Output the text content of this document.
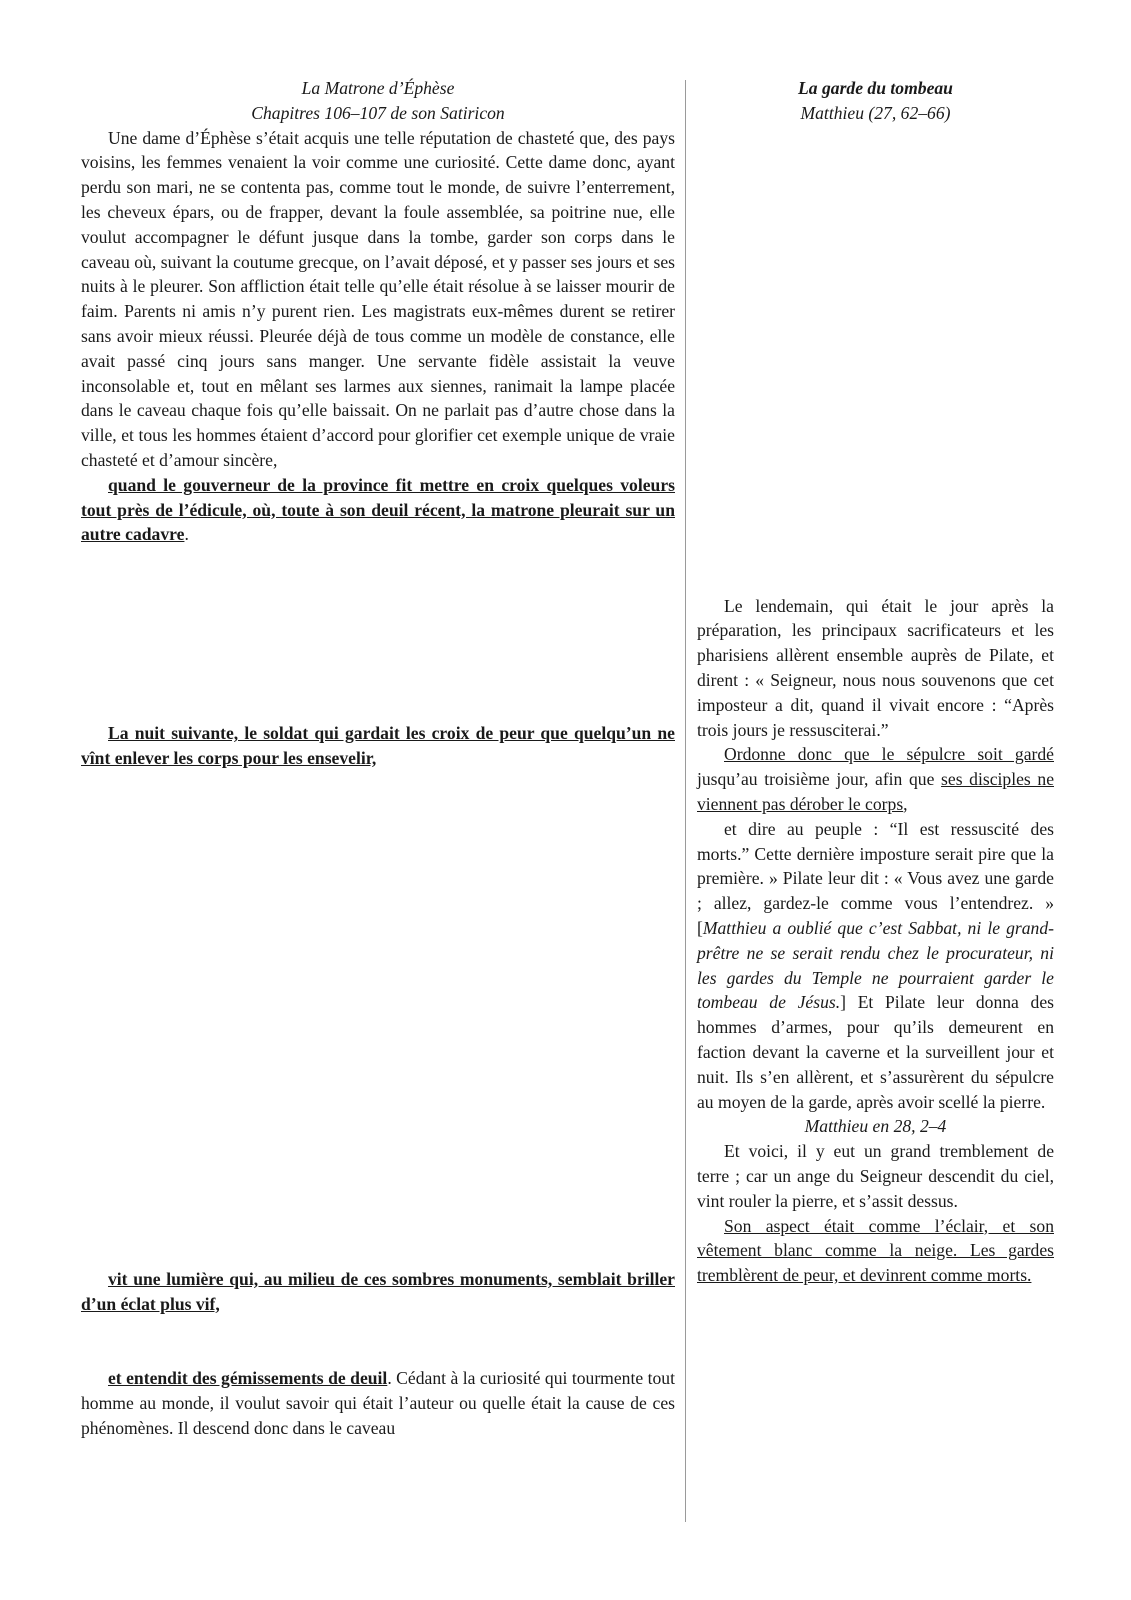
La Matrone d’Éphèse

Chapitres 106–107 de son Satiricon

Une dame d’Éphèse s’était acquis une telle réputation de chasteté que, des pays voisins, les femmes venaient la voir comme une curiosité. Cette dame donc, ayant perdu son mari, ne se contenta pas, comme tout le monde, de suivre l’enterrement, les cheveux épars, ou de frapper, devant la foule assemblée, sa poitrine nue, elle voulut accompagner le défunt jusque dans la tombe, garder son corps dans le caveau où, suivant la coutume grecque, on l’avait déposé, et y passer ses jours et ses nuits à le pleurer. Son affliction était telle qu’elle était résolue à se laisser mourir de faim. Parents ni amis n’y purent rien. Les magistrats eux-mêmes durent se retirer sans avoir mieux réussi. Pleurée déjà de tous comme un modèle de constance, elle avait passé cinq jours sans manger. Une servante fidèle assistait la veuve inconsolable et, tout en mêlant ses larmes aux siennes, ranimait la lampe placée dans le caveau chaque fois qu’elle baissait. On ne parlait pas d’autre chose dans la ville, et tous les hommes étaient d’accord pour glorifier cet exemple unique de vraie chasteté et d’amour sincère,

quand le gouverneur de la province fit mettre en croix quelques voleurs tout près de l’édicule, où, toute à son deuil récent, la matrone pleurait sur un autre cadavre.

La nuit suivante, le soldat qui gardait les croix de peur que quelqu’un ne vînt enlever les corps pour les ensevelir,

vit une lumière qui, au milieu de ces sombres monuments, semblait briller d’un éclat plus vif,

et entendit des gémissements de deuil. Cédant à la curiosité qui tourmente tout homme au monde, il voulut savoir qui était l’auteur ou quelle était la cause de ces phénomènes. Il descend donc dans le caveau

La garde du tombeau

Matthieu (27, 62–66)

Le lendemain, qui était le jour après la préparation, les principaux sacrificateurs et les pharisiens allèrent ensemble auprès de Pilate, et dirent : « Seigneur, nous nous souvenons que cet imposteur a dit, quand il vivait encore : “Après trois jours je ressusciterai.”

Ordonne donc que le sépulcre soit gardé jusqu’au troisième jour, afin que ses disciples ne viennent pas dérober le corps,

et dire au peuple : “Il est ressuscité des morts.” Cette dernière imposture serait pire que la première. » Pilate leur dit : « Vous avez une garde ; allez, gardez-le comme vous l’entendrez. » [Matthieu a oublié que c’est Sabbat, ni le grand-prêtre ne se serait rendu chez le procurateur, ni les gardes du Temple ne pourraient garder le tombeau de Jésus.] Et Pilate leur donna des hommes d’armes, pour qu’ils demeurent en faction devant la caverne et la surveillent jour et nuit. Ils s’en allèrent, et s’assurèrent du sépulcre au moyen de la garde, après avoir scellé la pierre.

Matthieu en 28, 2–4

Et voici, il y eut un grand tremblement de terre ; car un ange du Seigneur descendit du ciel, vint rouler la pierre, et s’assit dessus.

Son aspect était comme l’éclair, et son vêtement blanc comme la neige. Les gardes tremblèrent de peur, et devinrent comme morts.
